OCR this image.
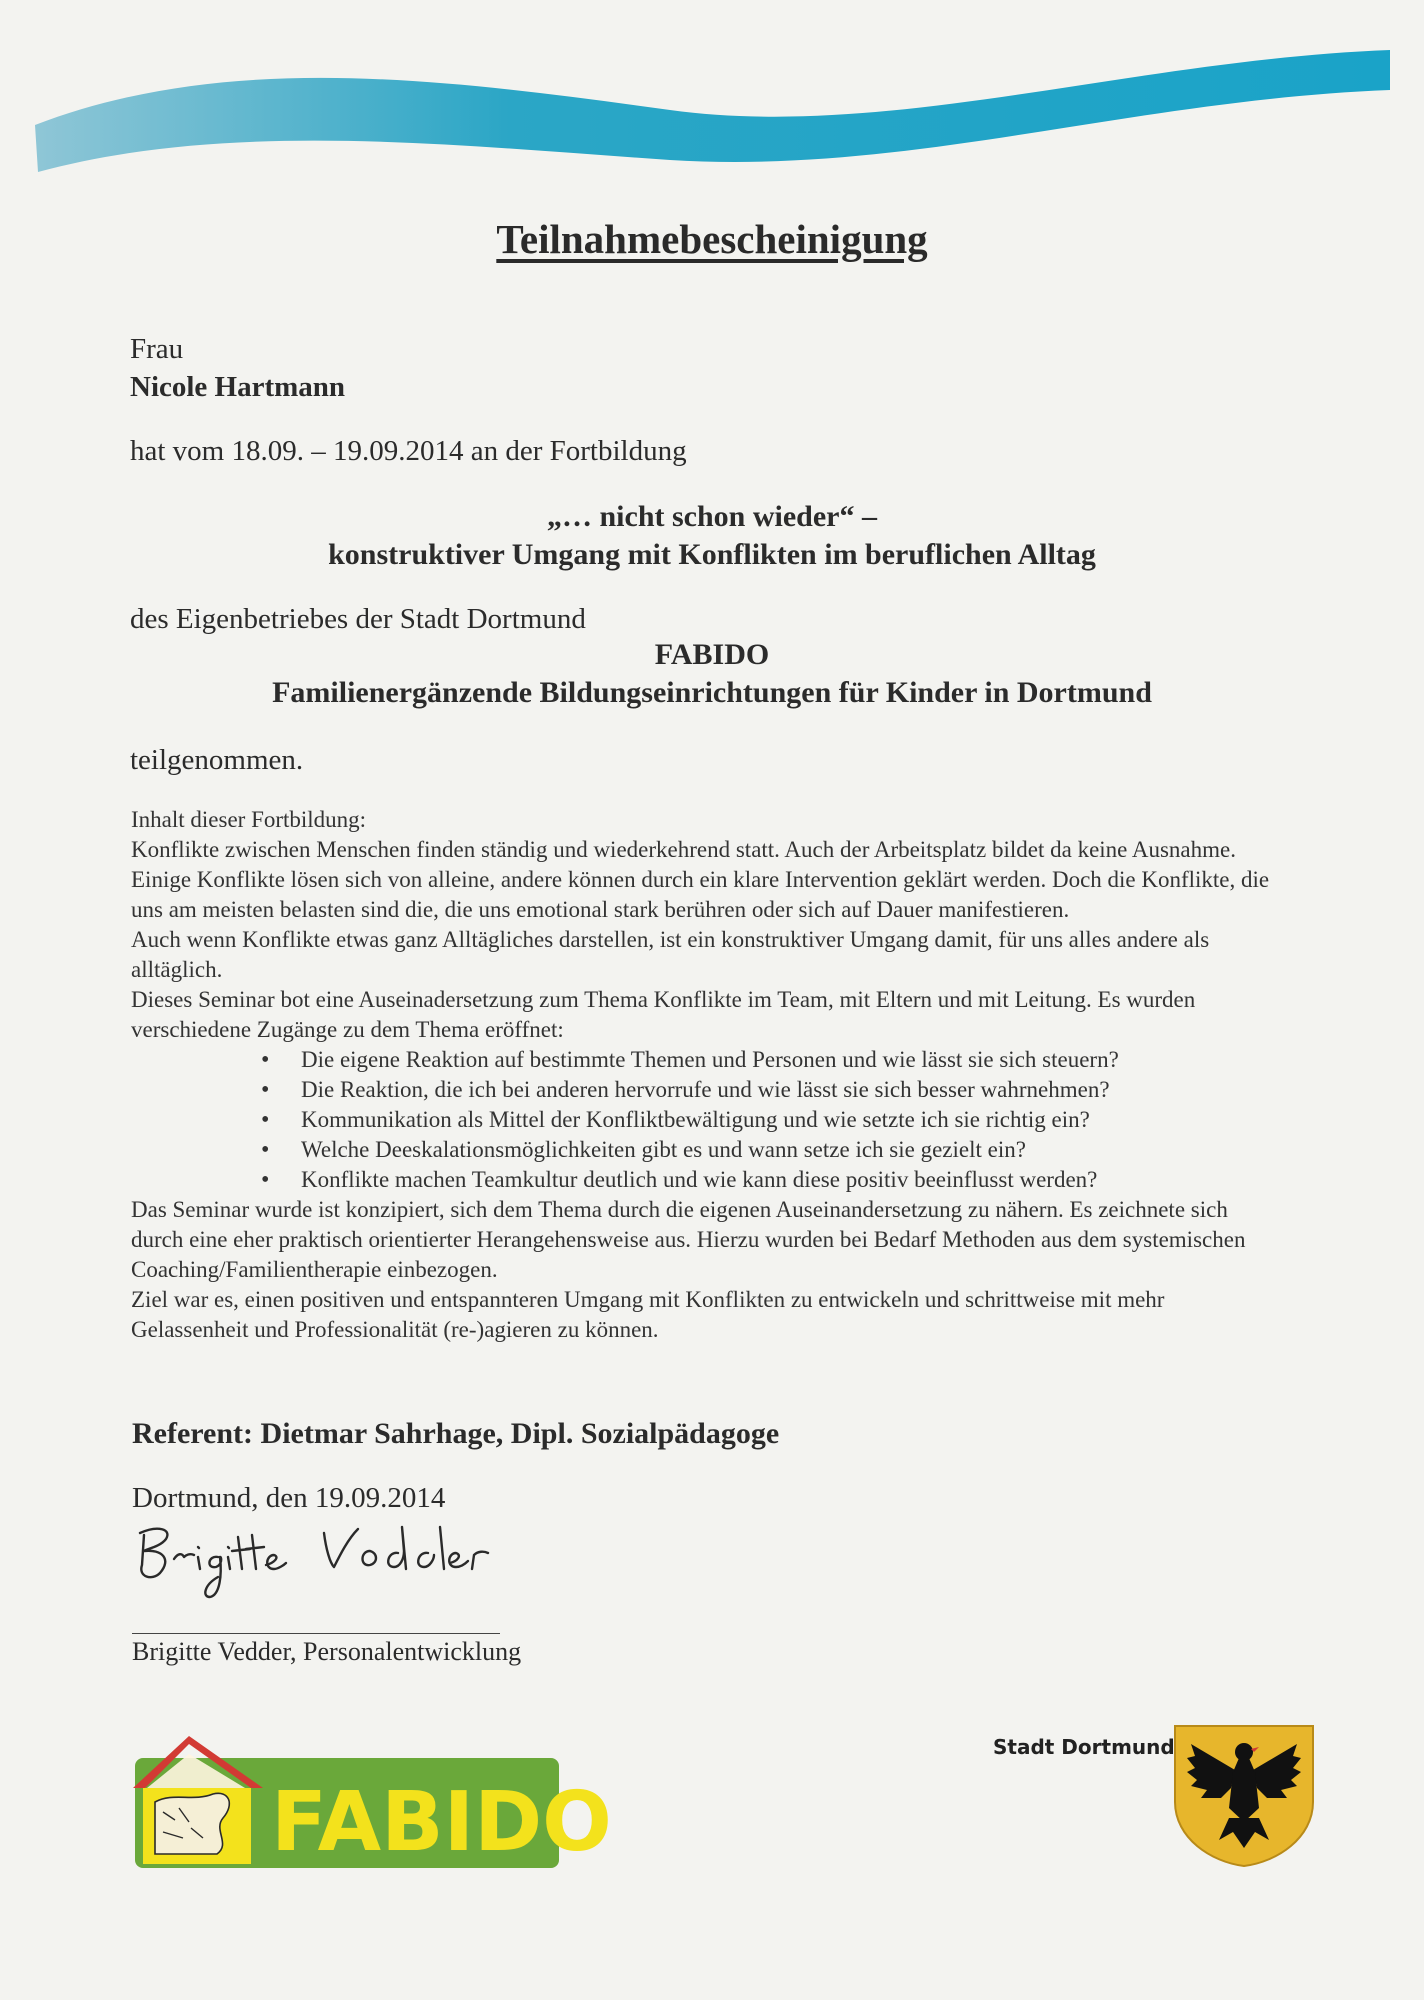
Teilnahmebescheinigung
Frau
Nicole Hartmann
hat vom 18.09. – 19.09.2014 an der Fortbildung
„… nicht schon wieder“ –
konstruktiver Umgang mit Konflikten im beruflichen Alltag
des Eigenbetriebes der Stadt Dortmund
FABIDO
Familienergänzende Bildungseinrichtungen für Kinder in Dortmund
teilgenommen.

Inhalt dieser Fortbildung:

Konflikte zwischen Menschen finden ständig und wiederkehrend statt. Auch der Arbeitsplatz bildet da keine Ausnahme. Einige Konflikte lösen sich von alleine, andere können durch ein klare Intervention geklärt werden. Doch die Konflikte, die uns am meisten belasten sind die, die uns emotional stark berühren oder sich auf Dauer manifestieren.

Auch wenn Konflikte etwas ganz Alltägliches darstellen, ist ein konstruktiver Umgang damit, für uns alles andere als alltäglich.

Dieses Seminar bot eine Auseinadersetzung zum Thema Konflikte im Team, mit Eltern und mit Leitung. Es wurden verschiedene Zugänge zu dem Thema eröffnet:

• Die eigene Reaktion auf bestimmte Themen und Personen und wie lässt sie sich steuern?
• Die Reaktion, die ich bei anderen hervorrufe und wie lässt sie sich besser wahrnehmen?
• Kommunikation als Mittel der Konfliktbewältigung und wie setzte ich sie richtig ein?
• Welche Deeskalationsmöglichkeiten gibt es und wann setze ich sie gezielt ein?
• Konflikte machen Teamkultur deutlich und wie kann diese positiv beeinflusst werden?

Das Seminar wurde ist konzipiert, sich dem Thema durch die eigenen Auseinandersetzung zu nähern. Es zeichnete sich durch eine eher praktisch orientierter Herangehensweise aus. Hierzu wurden bei Bedarf Methoden aus dem systemischen Coaching/Familientherapie einbezogen.

Ziel war es, einen positiven und entspannteren Umgang mit Konflikten zu entwickeln und schrittweise mit mehr Gelassenheit und Professionalität (re-)agieren zu können.

Referent: Dietmar Sahrhage, Dipl. Sozialpädagoge
Dortmund, den 19.09.2014
Brigitte Vedder, Personalentwicklung
FABIDO
Stadt Dortmund
